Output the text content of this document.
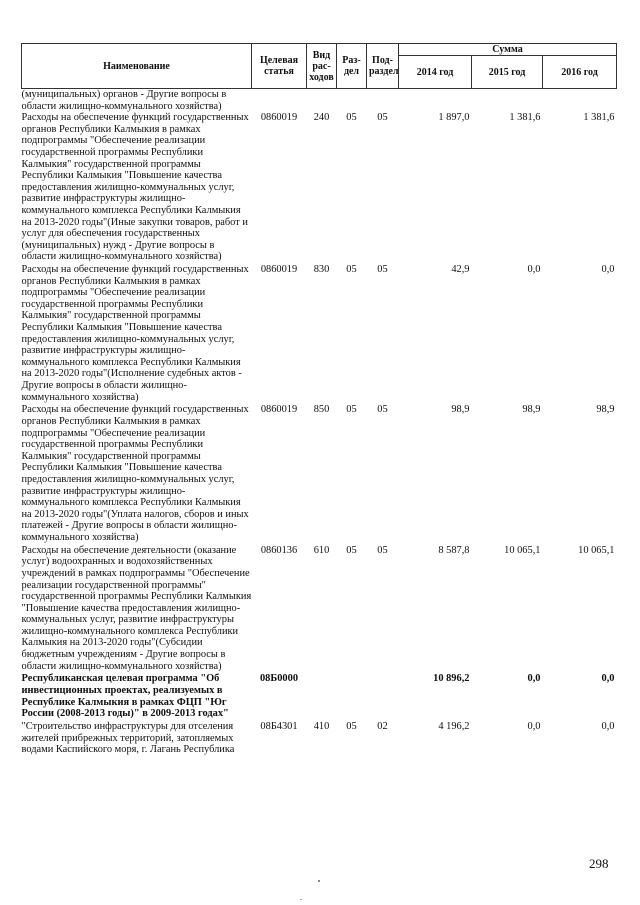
Наименование	Целевая статья	Вид рас-ходов	Раз-дел	Под-раздел	Сумма		
					2014 год	2015 год	2016 год
(муниципальных) органов - Другие вопросы в области жилищно-коммунального хозяйства)							
Расходы на обеспечение функций государственных органов Республики Калмыкия в рамках подпрограммы "Обеспечение реализации государственной программы Республики Калмыкия" государственной программы Республики Калмыкия "Повышение качества предоставления жилищно-коммунальных услуг, развитие инфраструктуры жилищно-коммунального комплекса Республики Калмыкия на 2013-2020 годы"(Иные закупки товаров, работ и услуг для обеспечения государственных (муниципальных) нужд - Другие вопросы в области жилищно-коммунального хозяйства)	0860019	240	05	05	1 897,0	1 381,6	1 381,6
Расходы на обеспечение функций государственных органов Республики Калмыкия в рамках подпрограммы "Обеспечение реализации государственной программы Республики Калмыкия" государственной программы Республики Калмыкия "Повышение качества предоставления жилищно-коммунальных услуг, развитие инфраструктуры жилищно-коммунального комплекса Республики Калмыкия на 2013-2020 годы"(Исполнение судебных актов - Другие вопросы в области жилищно-коммунального хозяйства)	0860019	830	05	05	42,9	0,0	0,0
Расходы на обеспечение функций государственных органов Республики Калмыкия в рамках подпрограммы "Обеспечение реализации государственной программы Республики Калмыкия" государственной программы Республики Калмыкия "Повышение качества предоставления жилищно-коммунальных услуг, развитие инфраструктуры жилищно-коммунального комплекса Республики Калмыкия на 2013-2020 годы"(Уплата налогов, сборов и иных платежей - Другие вопросы в области жилищно-коммунального хозяйства)	0860019	850	05	05	98,9	98,9	98,9
Расходы на обеспечение деятельности (оказание услуг) водоохранных и водохозяйственных учреждений в рамках подпрограммы "Обеспечение реализации государственной программы" государственной программы Республики Калмыкия "Повышение качества предоставления жилищно-коммунальных услуг, развитие инфраструктуры жилищно-коммунального комплекса Республики Калмыкия на 2013-2020 годы"(Субсидии бюджетным учреждениям - Другие вопросы в области жилищно-коммунального хозяйства)	0860136	610	05	05	8 587,8	10 065,1	10 065,1
Республиканская целевая программа "Об инвестиционных проектах, реализуемых в Республике Калмыкия в рамках ФЦП "Юг России (2008-2013 годы)" в 2009-2013 годах"	08Б0000				10 896,2	0,0	0,0
"Строительство инфраструктуры для отселения жителей прибрежных территорий, затопляемых водами Каспийского моря, г. Лагань Республика	08Б4301	410	05	02	4 196,2	0,0	0,0
298
